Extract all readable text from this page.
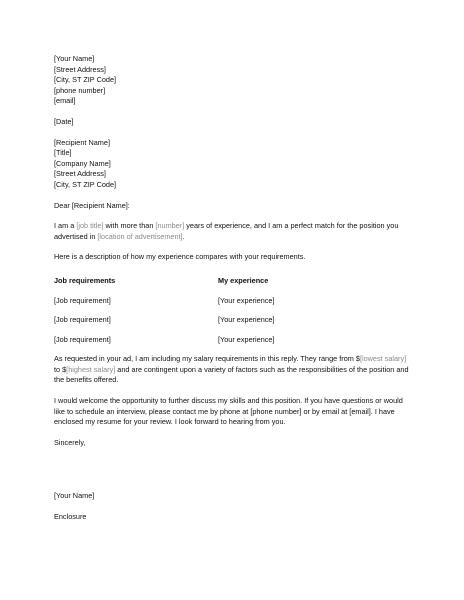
[Your Name]
[Street Address]
[City, ST ZIP Code]
[phone number]
[email]
[Date]
[Recipient Name]
[Title]
[Company Name]
[Street Address]
[City, ST ZIP Code]
Dear [Recipient Name]:

I am a [job title] with more than [number] years of experience, and I am a perfect match for the position you advertised in [location of advertisement].

Here is a description of how my experience compares with your requirements.
Job requirements	My experience
[Job requirement]	[Your experience]
[Job requirement]	[Your experience]
[Job requirement]	[Your experience]

As requested in your ad, I am including my salary requirements in this reply. They range from $[lowest salary] to $[highest salary] and are contingent upon a variety of factors such as the responsibilities of the position and the benefits offered.

I would welcome the opportunity to further discuss my skills and this position. If you have questions or would like to schedule an interview, please contact me by phone at [phone number] or by email at [email]. I have enclosed my resume for your review. I look forward to hearing from you.

Sincerely,
[Your Name]
Enclosure
